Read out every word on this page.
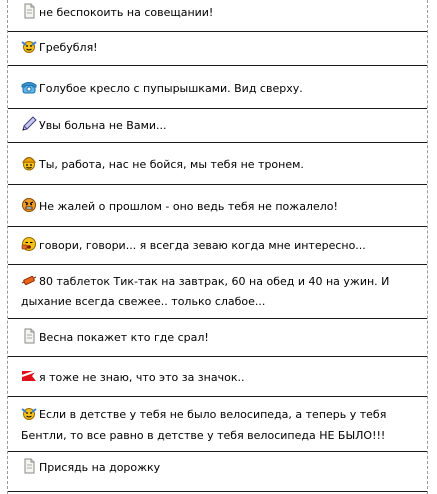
не беспокоить на совещании!
Гребубля!
Голубое кресло с пупырышками. Вид сверху.
Увы больна не Вами...
Ты, работа, нас не бойся, мы тебя не тронем.
Не жалей о прошлом - оно ведь тебя не пожалело!
говори, говори... я всегда зеваю когда мне интересно...
80 таблеток Тик-так на завтрак, 60 на обед и 40 на ужин. И дыхание всегда свежее.. только слабое...
Весна покажет кто где срал!
я тоже не знаю, что это за значок..
Если в детстве у тебя не было велосипеда, а теперь у тебя Бентли, то все равно в детстве у тебя велосипеда НЕ БЫЛО!!!
Присядь на дорожку
